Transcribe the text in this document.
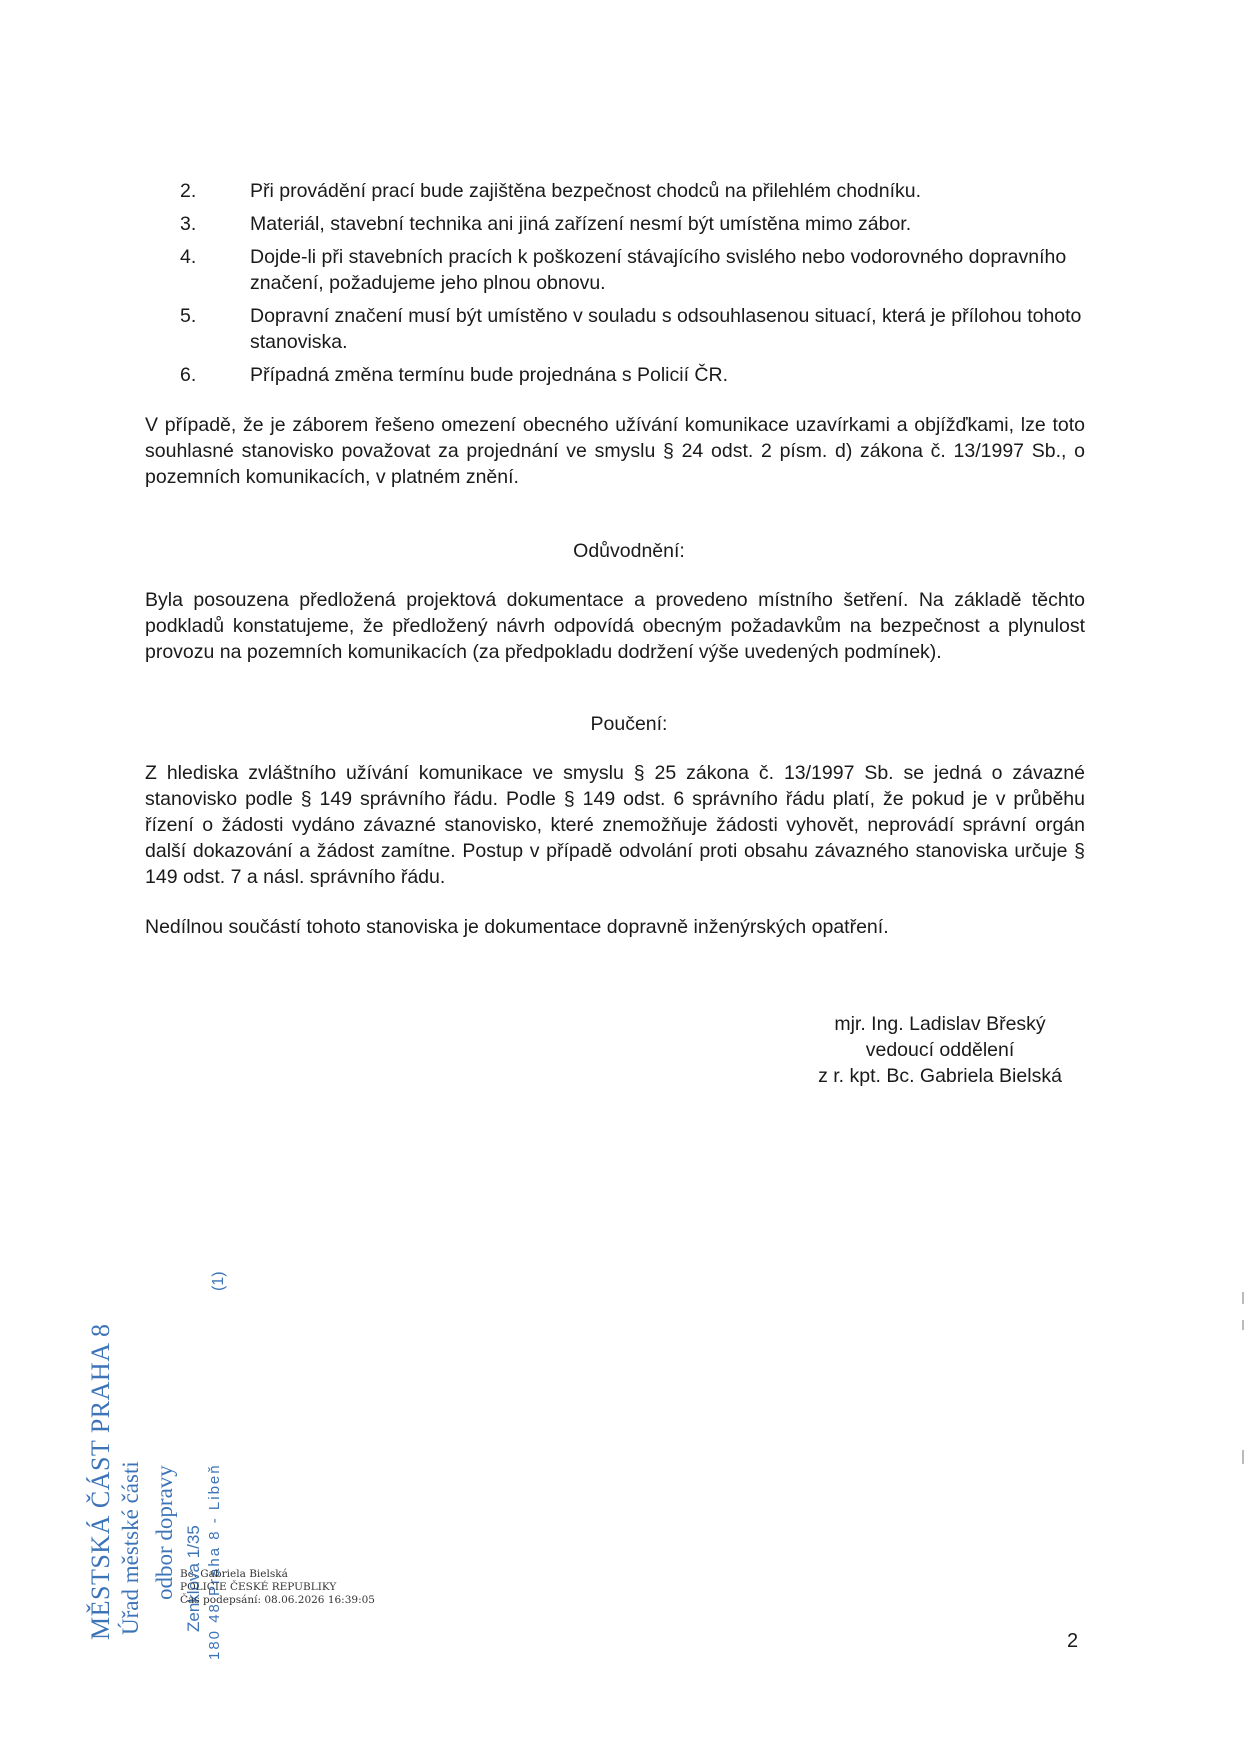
2.	Při provádění prací bude zajištěna bezpečnost chodců na přilehlém chodníku.
3.	Materiál, stavební technika ani jiná zařízení nesmí být umístěna mimo zábor.
4.	Dojde-li při stavebních pracích k poškození stávajícího svislého nebo vodorovného dopravního značení, požadujeme jeho plnou obnovu.
5.	Dopravní značení musí být umístěno v souladu s odsouhlasenou situací, která je přílohou tohoto stanoviska.
6.	Případná změna termínu bude projednána s Policií ČR.
V případě, že je záborem řešeno omezení obecného užívání komunikace uzavírkami a objížďkami, lze toto souhlasné stanovisko považovat za projednání ve smyslu § 24 odst. 2 písm. d) zákona č. 13/1997 Sb., o pozemních komunikacích, v platném znění.
Odůvodnění:
Byla posouzena předložená projektová dokumentace a provedeno místního šetření. Na základě těchto podkladů konstatujeme, že předložený návrh odpovídá obecným požadavkům na bezpečnost a plynulost provozu na pozemních komunikacích (za předpokladu dodržení výše uvedených podmínek).
Poučení:
Z hlediska zvláštního užívání komunikace ve smyslu § 25 zákona č. 13/1997 Sb. se jedná o závazné stanovisko podle § 149 správního řádu. Podle § 149 odst. 6 správního řádu platí, že pokud je v průběhu řízení o žádosti vydáno závazné stanovisko, které znemožňuje žádosti vyhovět, neprovádí správní orgán další dokazování a žádost zamítne. Postup v případě odvolání proti obsahu závazného stanoviska určuje § 149 odst. 7 a násl. správního řádu.
Nedílnou součástí tohoto stanoviska je dokumentace dopravně inženýrských opatření.
mjr. Ing. Ladislav Břeský
vedoucí oddělení
z r. kpt. Bc. Gabriela Bielská
MĚSTSKÁ ČÁST PRAHA 8 Úřad městské části odbor dopravy Zenklova 1/35 180 48 Praha 8 - Libeň
(1)
Bc. Gabriela Bielská
POLICIE ČESKÉ REPUBLIKY
Čas podepsání: 08.06.2026 16:39:05
2
